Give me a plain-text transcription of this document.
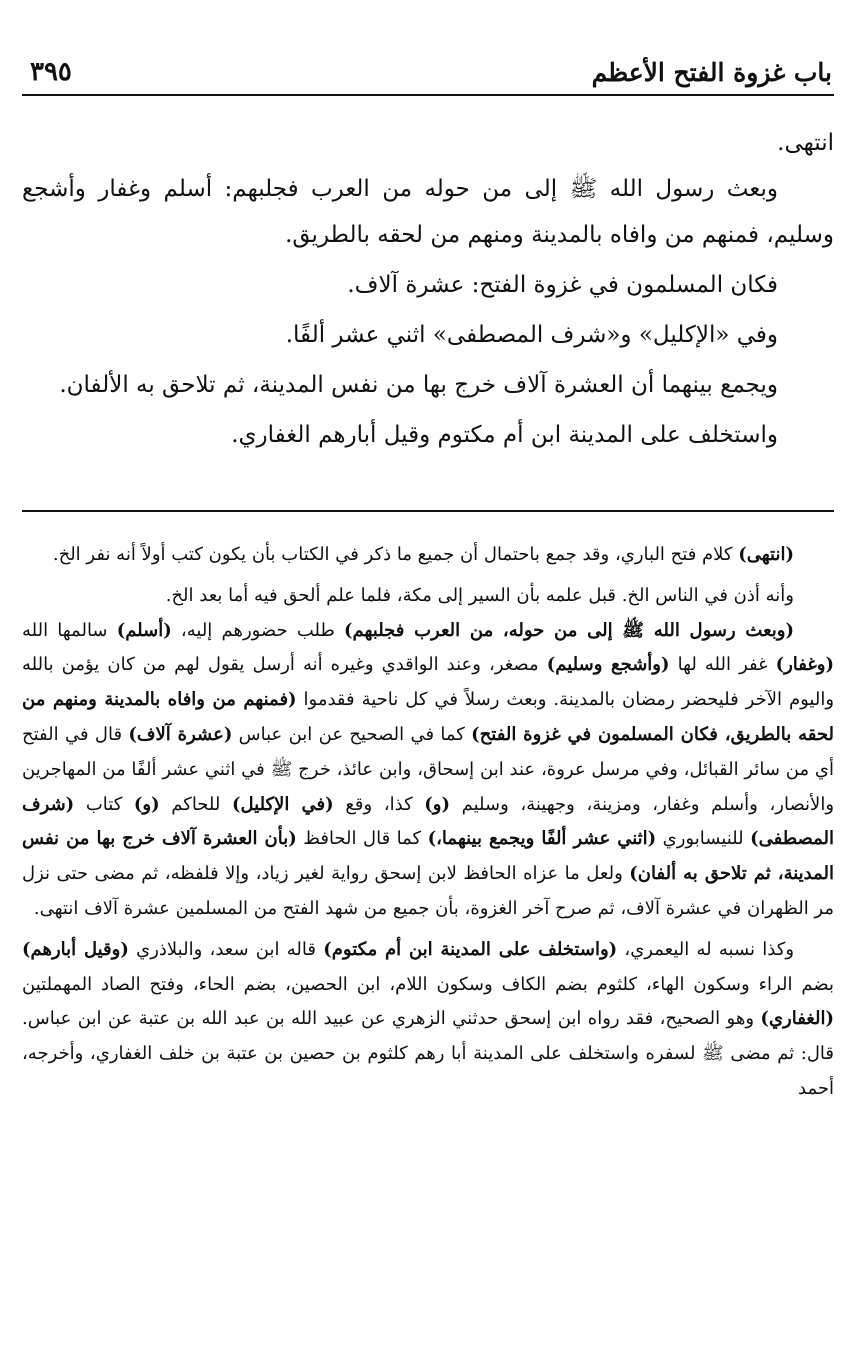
باب غزوة الفتح الأعظم
٣٩٥

انتهى.

وبعث رسول الله ﷺ إلى من حوله من العرب فجلبهم: أسلم وغفار وأشجع وسليم، فمنهم من وافاه بالمدينة ومنهم من لحقه بالطريق.

فكان المسلمون في غزوة الفتح: عشرة آلاف.

وفي «الإكليل» و«شرف المصطفى» اثني عشر ألفًا.

ويجمع بينهما أن العشرة آلاف خرج بها من نفس المدينة، ثم تلاحق به الألفان.

واستخلف على المدينة ابن أم مكتوم وقيل أبارهم الغفاري.

(انتهى) كلام فتح الباري، وقد جمع باحتمال أن جميع ما ذكر في الكتاب بأن يكون كتب أولاً أنه نفر الخ.

وأنه أذن في الناس الخ. قبل علمه بأن السير إلى مكة، فلما علم ألحق فيه أما بعد الخ.

(وبعث رسول الله ﷺ إلى من حوله، من العرب فجلبهم) طلب حضورهم إليه، (أسلم) سالمها الله (وغفار) غفر الله لها (وأشجع وسليم) مصغر، وعند الواقدي وغيره أنه أرسل يقول لهم من كان يؤمن بالله واليوم الآخر فليحضر رمضان بالمدينة. وبعث رسلاً في كل ناحية فقدموا (فمنهم من وافاه بالمدينة ومنهم من لحقه بالطريق، فكان المسلمون في غزوة الفتح) كما في الصحيح عن ابن عباس (عشرة آلاف) قال في الفتح أي من سائر القبائل، وفي مرسل عروة، عند ابن إسحاق، وابن عائذ، خرج ﷺ في اثني عشر ألفًا من المهاجرين والأنصار، وأسلم وغفار، ومزينة، وجهينة، وسليم (و) كذا، وقع (في الإكليل) للحاكم (و) كتاب (شرف المصطفى) للنيسابوري (اثني عشر ألفًا ويجمع بينهما،) كما قال الحافظ (بأن العشرة آلاف خرج بها من نفس المدينة، ثم تلاحق به ألفان) ولعل ما عزاه الحافظ لابن إسحق رواية لغير زياد، وإلا فلفظه، ثم مضى حتى نزل مر الظهران في عشرة آلاف، ثم صرح آخر الغزوة، بأن جميع من شهد الفتح من المسلمين عشرة آلاف انتهى.

وكذا نسبه له اليعمري، (واستخلف على المدينة ابن أم مكتوم) قاله ابن سعد، والبلاذري (وقيل أبارهم) بضم الراء وسكون الهاء، كلثوم بضم الكاف وسكون اللام، ابن الحصين، بضم الحاء، وفتح الصاد المهملتين (الغفاري) وهو الصحيح، فقد رواه ابن إسحق حدثني الزهري عن عبيد الله بن عبد الله بن عتبة عن ابن عباس. قال: ثم مضى ﷺ لسفره واستخلف على المدينة أبا رهم كلثوم بن حصين بن عتبة بن خلف الغفاري، وأخرجه، أحمد
